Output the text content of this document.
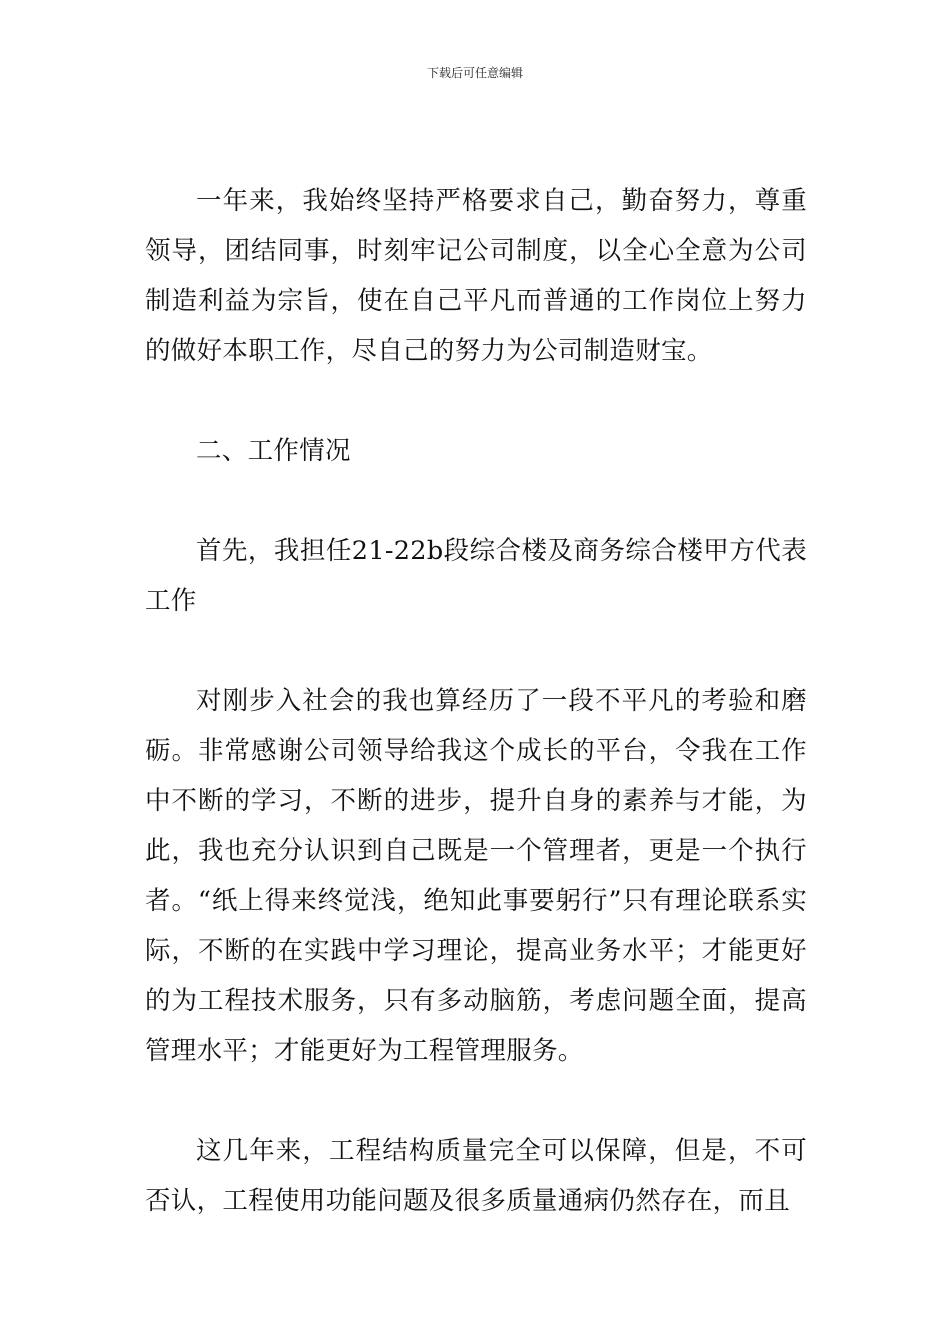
下载后可任意编辑

一年来，我始终坚持严格要求自己，勤奋努力，尊重领导，团结同事，时刻牢记公司制度，以全心全意为公司制造利益为宗旨，使在自己平凡而普通的工作岗位上努力的做好本职工作，尽自己的努力为公司制造财宝。

二、工作情况

首先，我担任21-22b段综合楼及商务综合楼甲方代表工作

对刚步入社会的我也算经历了一段不平凡的考验和磨砺。非常感谢公司领导给我这个成长的平台，令我在工作中不断的学习，不断的进步，提升自身的素养与才能，为此，我也充分认识到自己既是一个管理者，更是一个执行者。“纸上得来终觉浅，绝知此事要躬行”只有理论联系实际，不断的在实践中学习理论，提高业务水平；才能更好的为工程技术服务，只有多动脑筋，考虑问题全面，提高管理水平；才能更好为工程管理服务。

这几年来，工程结构质量完全可以保障，但是，不可否认，工程使用功能问题及很多质量通病仍然存在，而且
